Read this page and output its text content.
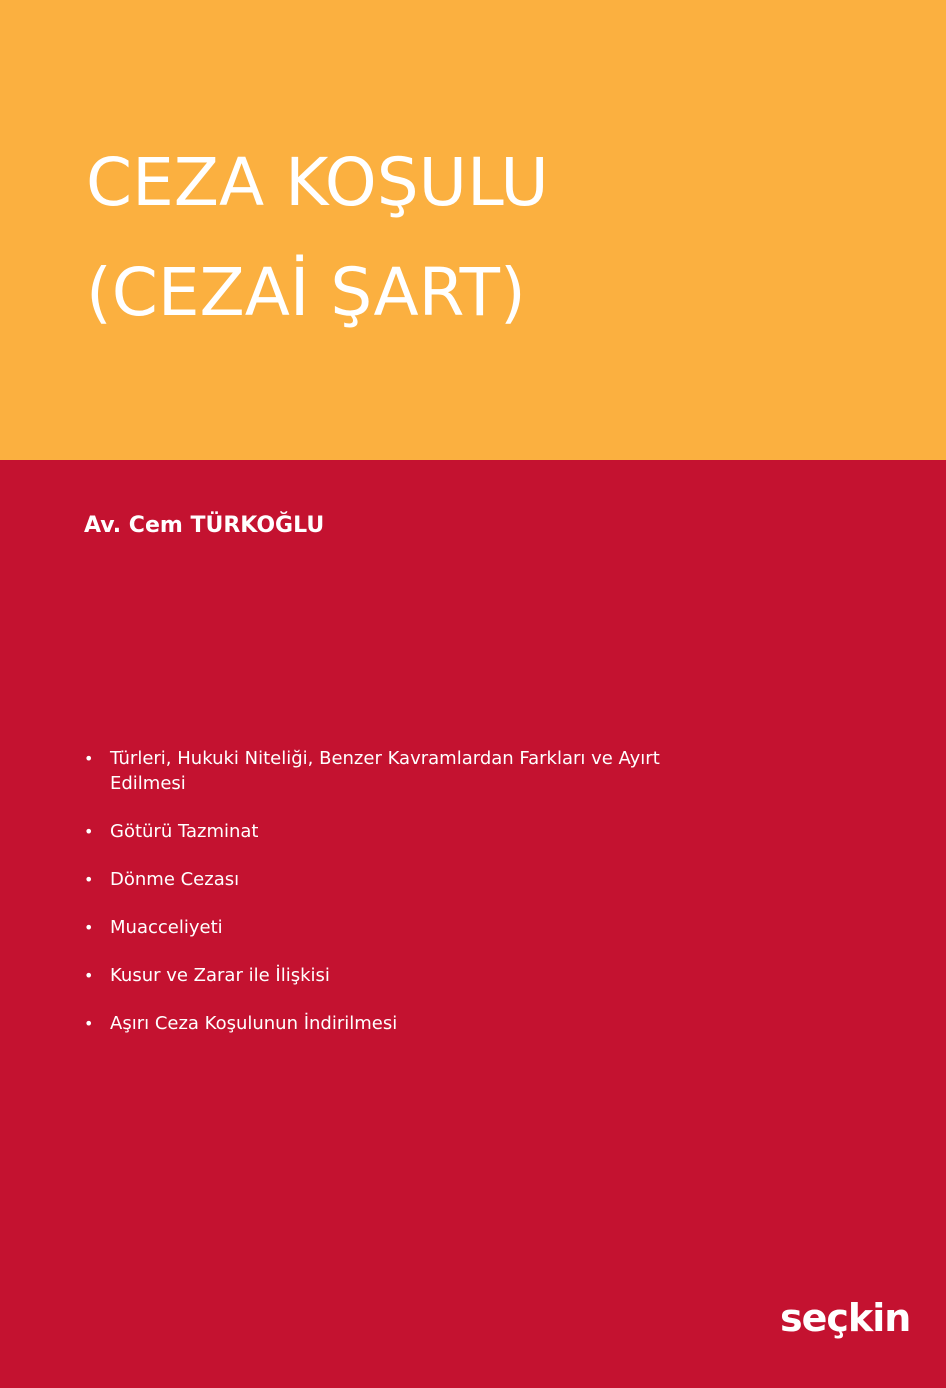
CEZA KOŞULU
(CEZAİ ŞART)
Av. Cem TÜRKOĞLU
• Türleri, Hukuki Niteliği, Benzer Kavramlardan Farkları ve Ayırt Edilmesi
• Götürü Tazminat
• Dönme Cezası
• Muacceliyeti
• Kusur ve Zarar ile İlişkisi
• Aşırı Ceza Koşulunun İndirilmesi
seçkin
